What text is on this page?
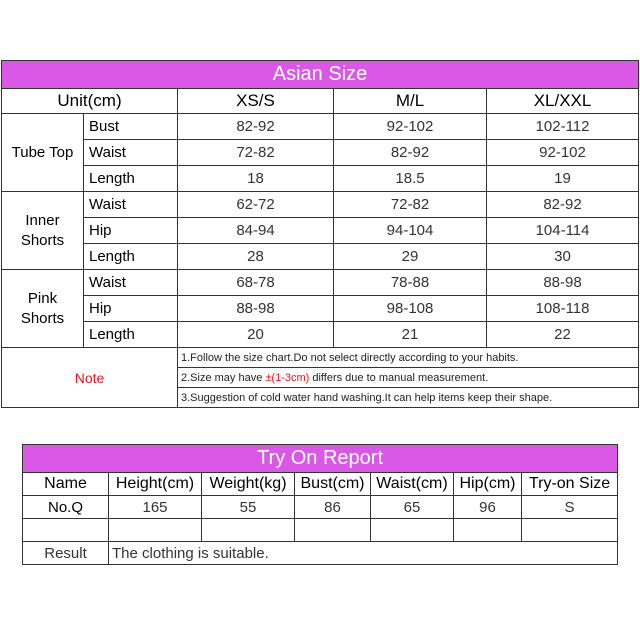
Asian Size				
Unit(cm)		XS/S	M/L	XL/XXL
Tube Top	Bust	82-92	92-102	102-112
	Waist	72-82	82-92	92-102
	Length	18	18.5	19
Inner
Shorts	Waist	62-72	72-82	82-92
	Hip	84-94	94-104	104-114
	Length	28	29	30
Pink
Shorts	Waist	68-78	78-88	88-98
	Hip	88-98	98-108	108-118
	Length	20	21	22
Note		1.Follow the size chart.Do not select directly according to your habits.		
		2.Size may have ±(1-3cm) differs due to manual measurement.		
		3.Suggestion of cold water hand washing.It can help items keep their shape.		
Try On Report						
Name	Height(cm)	Weight(kg)	Bust(cm)	Waist(cm)	Hip(cm)	Try-on Size
No.Q	165	55	86	65	96	S

Result	The clothing is suitable.					
